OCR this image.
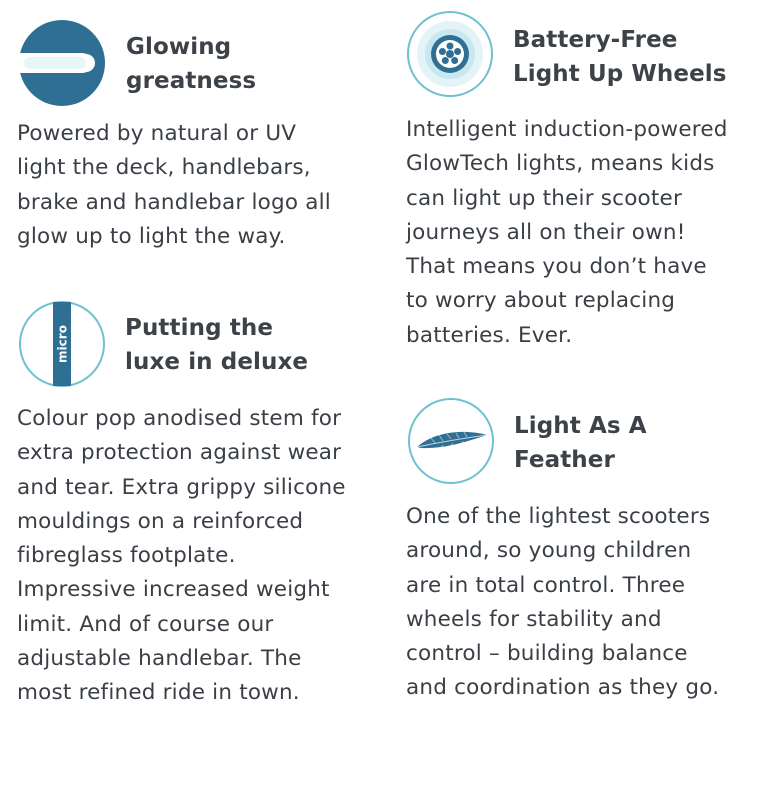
Glowing
greatness
Powered by natural or UV
light the deck, handlebars,
brake and handlebar logo all
glow up to light the way.
Battery-Free
Light Up Wheels
Intelligent induction-powered
GlowTech lights, means kids
can light up their scooter
journeys all on their own!
That means you don’t have
to worry about replacing
batteries. Ever.
micro Putting the
luxe in deluxe
Colour pop anodised stem for
extra protection against wear
and tear. Extra grippy silicone
mouldings on a reinforced
fibreglass footplate.
Impressive increased weight
limit. And of course our
adjustable handlebar. The
most refined ride in town.
Light As A
Feather
One of the lightest scooters
around, so young children
are in total control. Three
wheels for stability and
control – building balance
and coordination as they go.
